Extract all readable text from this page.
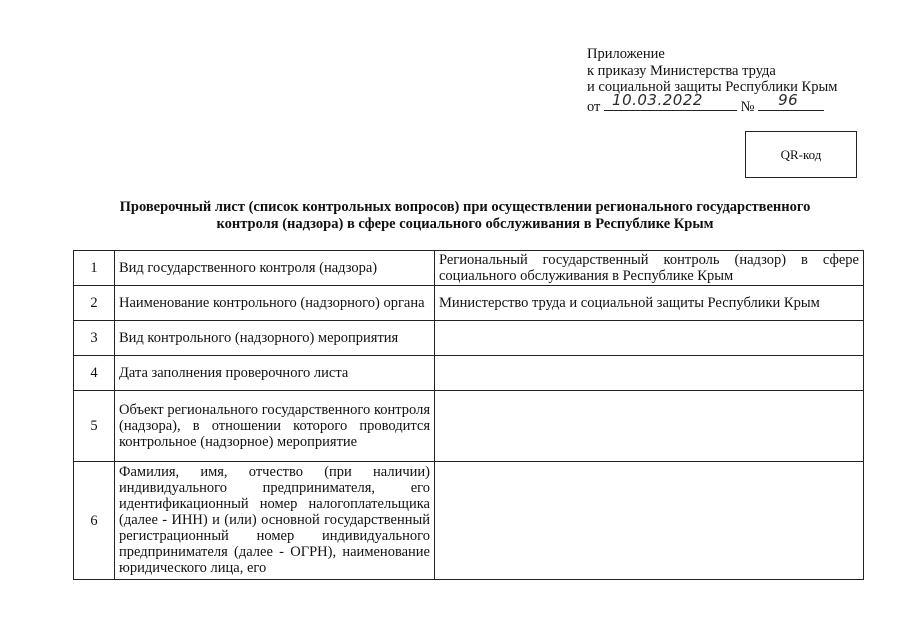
Приложение
к приказу Министерства труда
и социальной защиты Республики Крым
от 10.03.2022	№ 96
QR-код
Проверочный лист (список контрольных вопросов) при осуществлении регионального государственного
контроля (надзора) в сфере социального обслуживания в Республике Крым
1	Вид государственного контроля (надзора)	Региональный государственный контроль (надзор) в сфере социального обслуживания в Республике Крым
2	Наименование контрольного (надзорного) органа	Министерство труда и социальной защиты Республики Крым
3	Вид контрольного (надзорного) мероприятия	
4	Дата заполнения проверочного листа	
5	Объект регионального государственного контроля (надзора), в отношении которого проводится контрольное (надзорное) мероприятие	
6	Фамилия, имя, отчество (при наличии) индивидуального предпринимателя, его идентификационный номер налогоплательщика (далее - ИНН) и (или) основной государственный регистрационный номер индивидуального предпринимателя (далее - ОГРН), наименование юридического лица, его	
